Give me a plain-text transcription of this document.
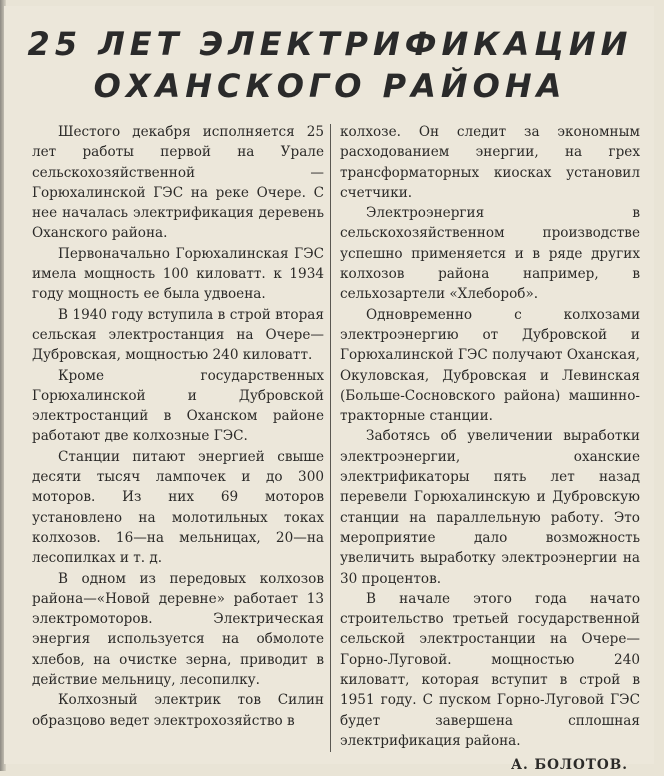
25 ЛЕТ ЭЛЕКТРИФИКАЦИИ
ОХАНСКОГО РАЙОНА

Шестого декабря исполняется 25 лет работы первой на Урале сельскохозяйственной — Горюхалинской ГЭС на реке Очере. С нее началась электрификация деревень Оханского района.

Первоначально Горюхалинская ГЭС имела мощность 100 киловатт. к 1934 году мощность ее была удвоена.

В 1940 году вступила в строй вторая сельская электростанция на Очере—Дубровская, мощностью 240 киловатт.

Кроме государственных Горюхалинской и Дубровской электростанций в Оханском районе работают две колхозные ГЭС.

Станции питают энергией свыше десяти тысяч лампочек и до 300 моторов. Из них 69 моторов установлено на молотильных токах колхозов. 16—на мельницах, 20—на лесопилках и т. д.

В одном из передовых колхозов района—«Новой деревне» работает 13 электромоторов. Электрическая энергия используется на обмолоте хлебов, на очистке зерна, приводит в действие мельницу, лесопилку.

Колхозный электрик тов Силин образцово ведет электрохозяйство в

колхозе. Он следит за экономным расходованием энергии, на грех трансформаторных киосках установил счетчики.

Электроэнергия в сельскохозяйственном производстве успешно применяется и в ряде других колхозов района например, в сельхозартели «Хлебороб».

Одновременно с колхозами электроэнергию от Дубровской и Горюхалинской ГЭС получают Оханская, Окуловская, Дубровская и Левинская (Больше-Сосновского района) машинно-тракторные станции.

Заботясь об увеличении выработки электроэнергии, оханские электрификаторы пять лет назад перевели Горюхалинскую и Дубровскую станции на параллельную работу. Это мероприятие дало возможность увеличить выработку электроэнергии на 30 процентов.

В начале этого года начато строительство третьей государственной сельской электростанции на Очере—Горно-Луговой. мощностью 240 киловатт, которая вступит в строй в 1951 году. С пуском Горно-Луговой ГЭС будет завершена сплошная электрификация района.

А. БОЛОТОВ.
